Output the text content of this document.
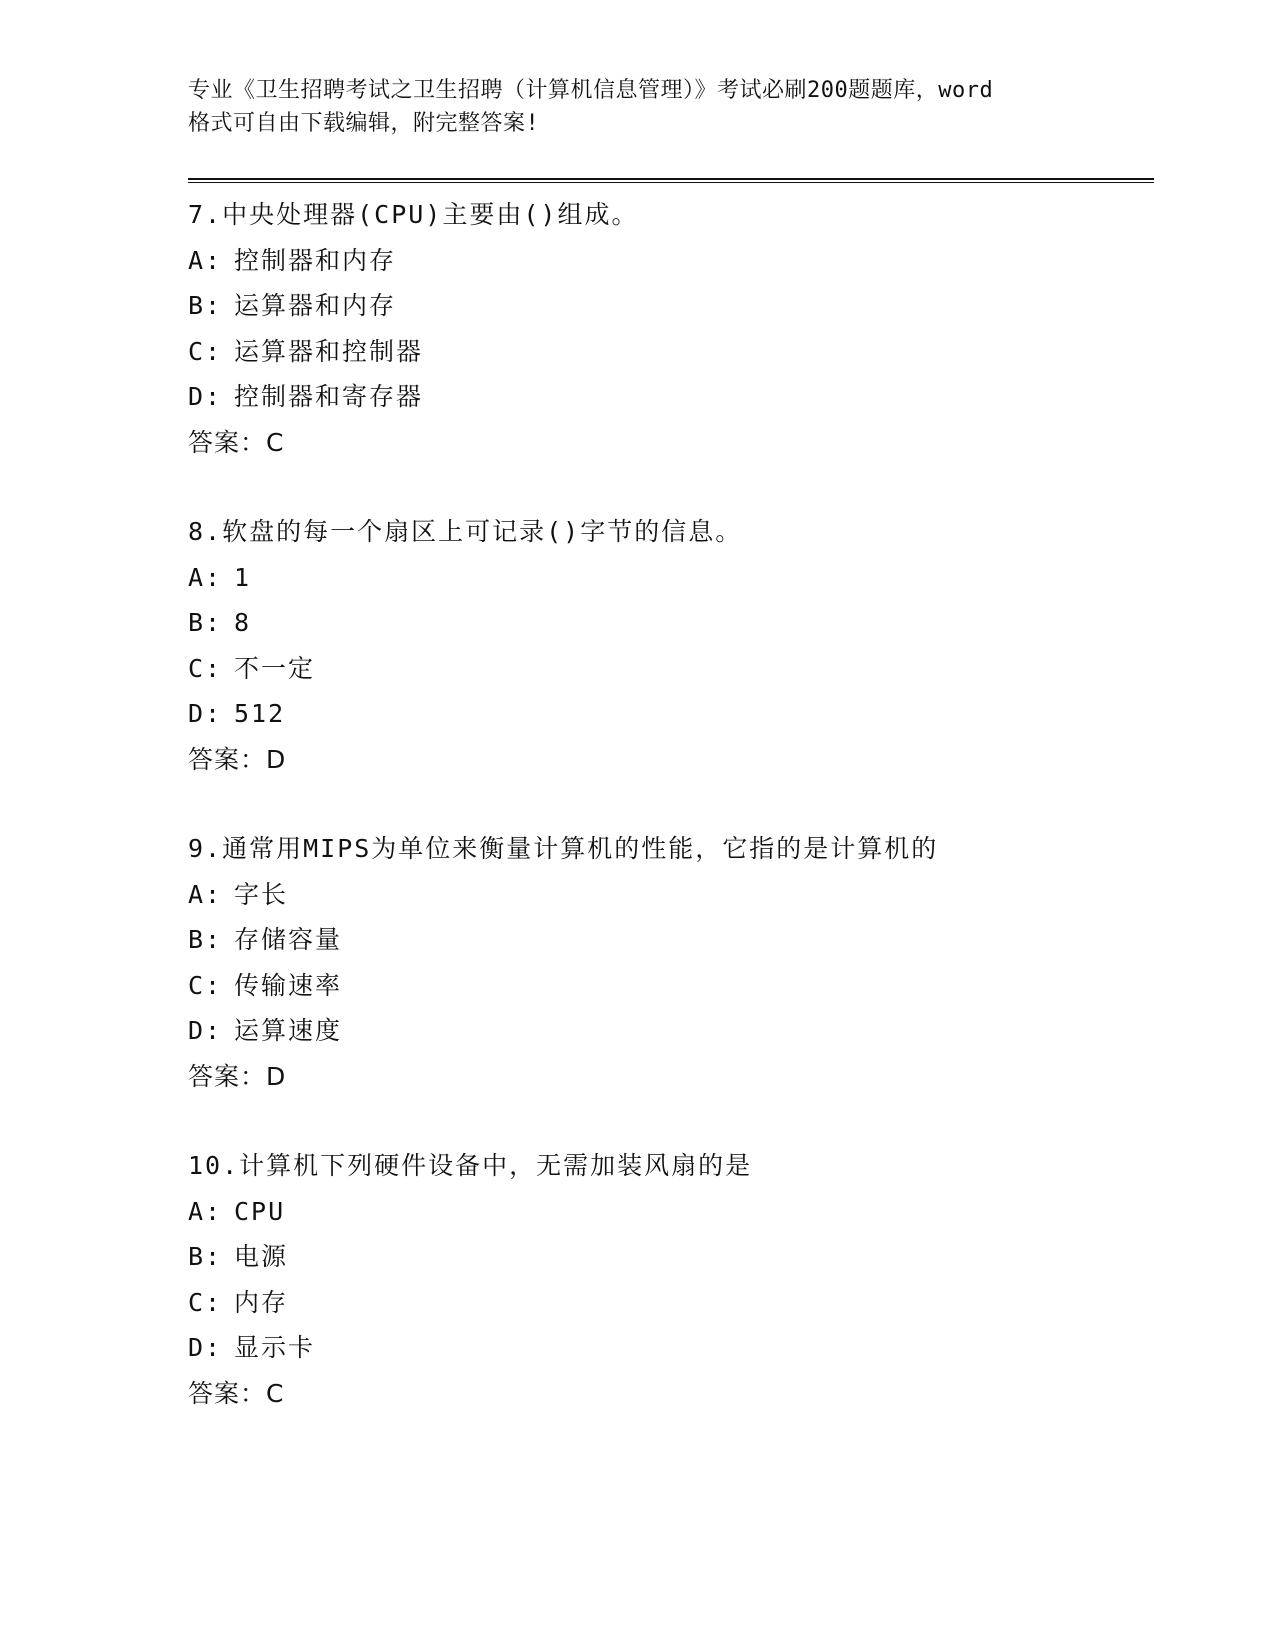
专业《卫生招聘考试之卫生招聘（计算机信息管理）》考试必刷200题题库，word
格式可自由下载编辑，附完整答案!
7.中央处理器(CPU)主要由()组成。
A: 控制器和内存
B: 运算器和内存
C: 运算器和控制器
D: 控制器和寄存器
答案：C
8.软盘的每一个扇区上可记录()字节的信息。
A: 1
B: 8
C: 不一定
D: 512
答案：D
9.通常用MIPS为单位来衡量计算机的性能，它指的是计算机的
A: 字长
B: 存储容量
C: 传输速率
D: 运算速度
答案：D
10.计算机下列硬件设备中，无需加装风扇的是
A: CPU
B: 电源
C: 内存
D: 显示卡
答案：C
